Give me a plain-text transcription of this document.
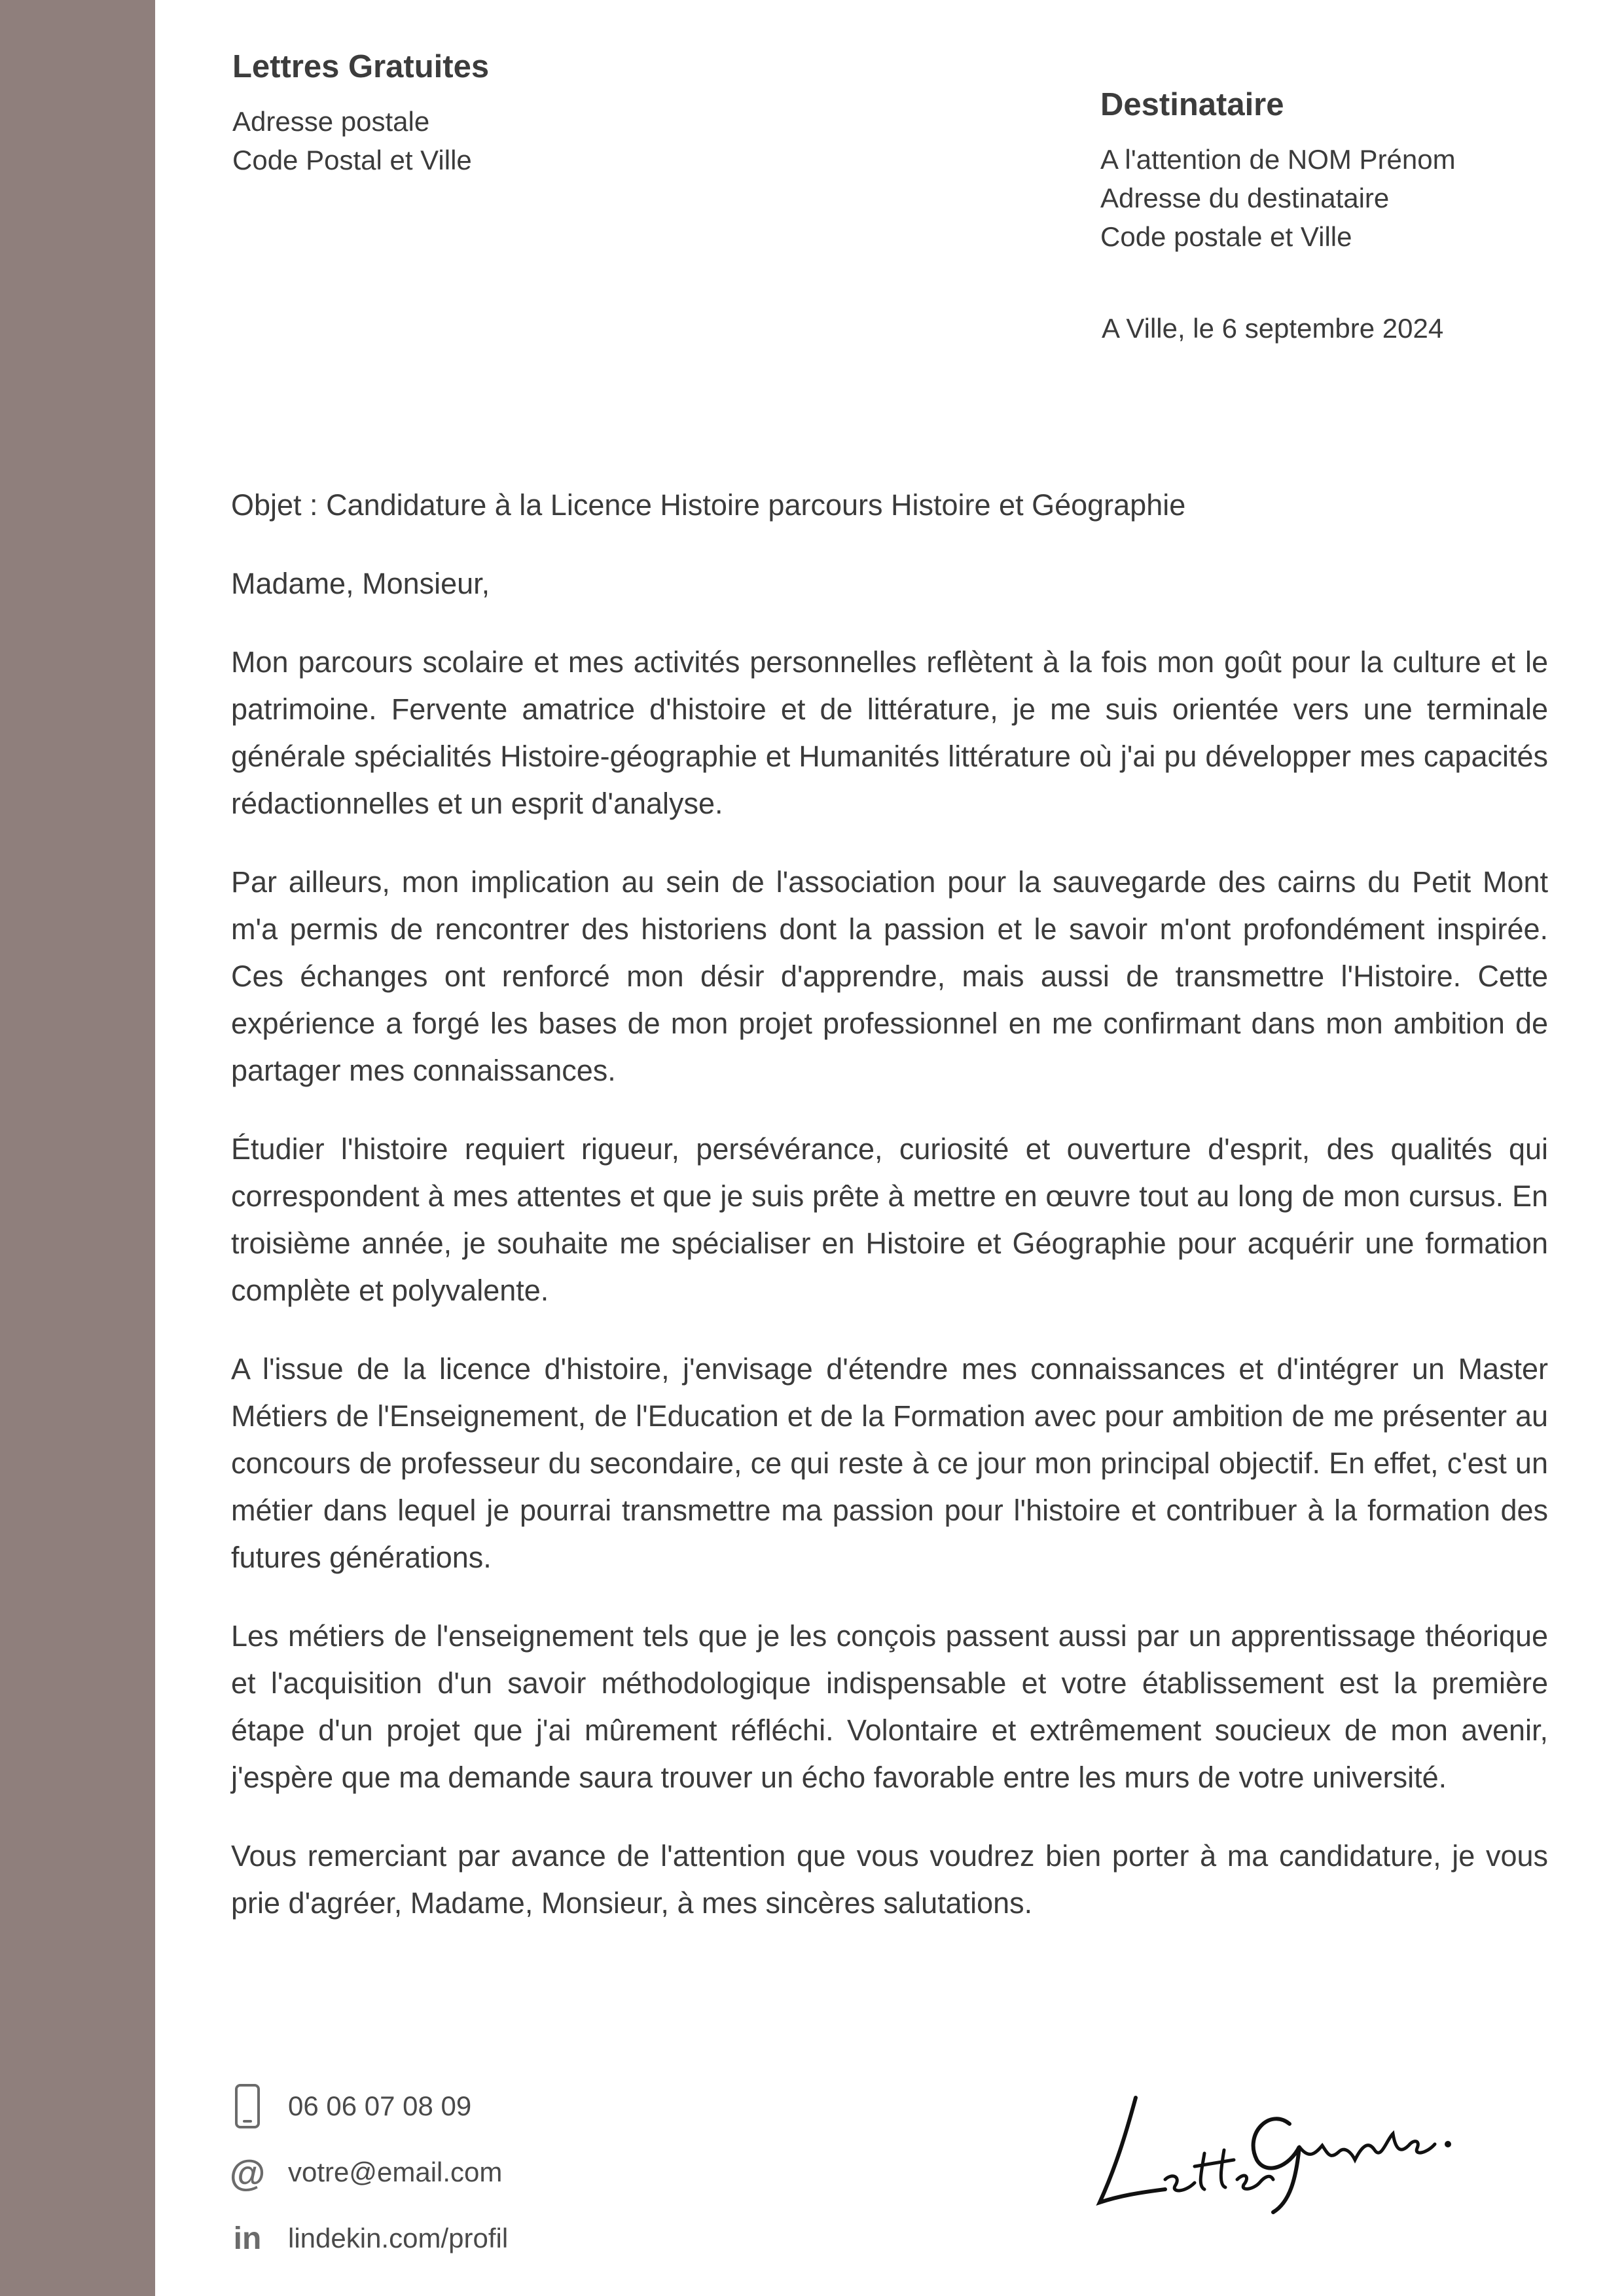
Lettres Gratuites
Adresse postale
Code Postal et Ville
Destinataire
A l'attention de NOM Prénom
Adresse du destinataire
Code postale et Ville
A Ville, le 6 septembre 2024
Objet : Candidature à la Licence Histoire parcours Histoire et Géographie
Madame, Monsieur,

Mon parcours scolaire et mes activités personnelles reflètent à la fois mon goût pour la culture et le patrimoine. Fervente amatrice d'histoire et de littérature, je me suis orientée vers une terminale générale spécialités Histoire-géographie et Humanités littérature où j'ai pu développer mes capacités rédactionnelles et un esprit d'analyse.

Par ailleurs, mon implication au sein de l'association pour la sauvegarde des cairns du Petit Mont m'a permis de rencontrer des historiens dont la passion et le savoir m'ont profondément inspirée. Ces échanges ont renforcé mon désir d'apprendre, mais aussi de transmettre l'Histoire. Cette expérience a forgé les bases de mon projet professionnel en me confirmant dans mon ambition de partager mes connaissances.

Étudier l'histoire requiert rigueur, persévérance, curiosité et ouverture d'esprit, des qualités qui correspondent à mes attentes et que je suis prête à mettre en œuvre tout au long de mon cursus. En troisième année, je souhaite me spécialiser en Histoire et Géographie pour acquérir une formation complète et polyvalente.

A l'issue de la licence d'histoire, j'envisage d'étendre mes connaissances et d'intégrer un Master Métiers de l'Enseignement, de l'Education et de la Formation avec pour ambition de me présenter au concours de professeur du secondaire, ce qui reste à ce jour mon principal objectif. En effet, c'est un métier dans lequel je pourrai transmettre ma passion pour l'histoire et contribuer à la formation des futures générations.

Les métiers de l'enseignement tels que je les conçois passent aussi par un apprentissage théorique et l'acquisition d'un savoir méthodologique indispensable et votre établissement est la première étape d'un projet que j'ai mûrement réfléchi. Volontaire et extrêmement soucieux de mon avenir, j'espère que ma demande saura trouver un écho favorable entre les murs de votre université.

Vous remerciant par avance de l'attention que vous voudrez bien porter à ma candidature, je vous prie d'agréer, Madame, Monsieur, à mes sincères salutations.

06 06 07 08 09
@ votre@email.com
in lindekin.com/profil
